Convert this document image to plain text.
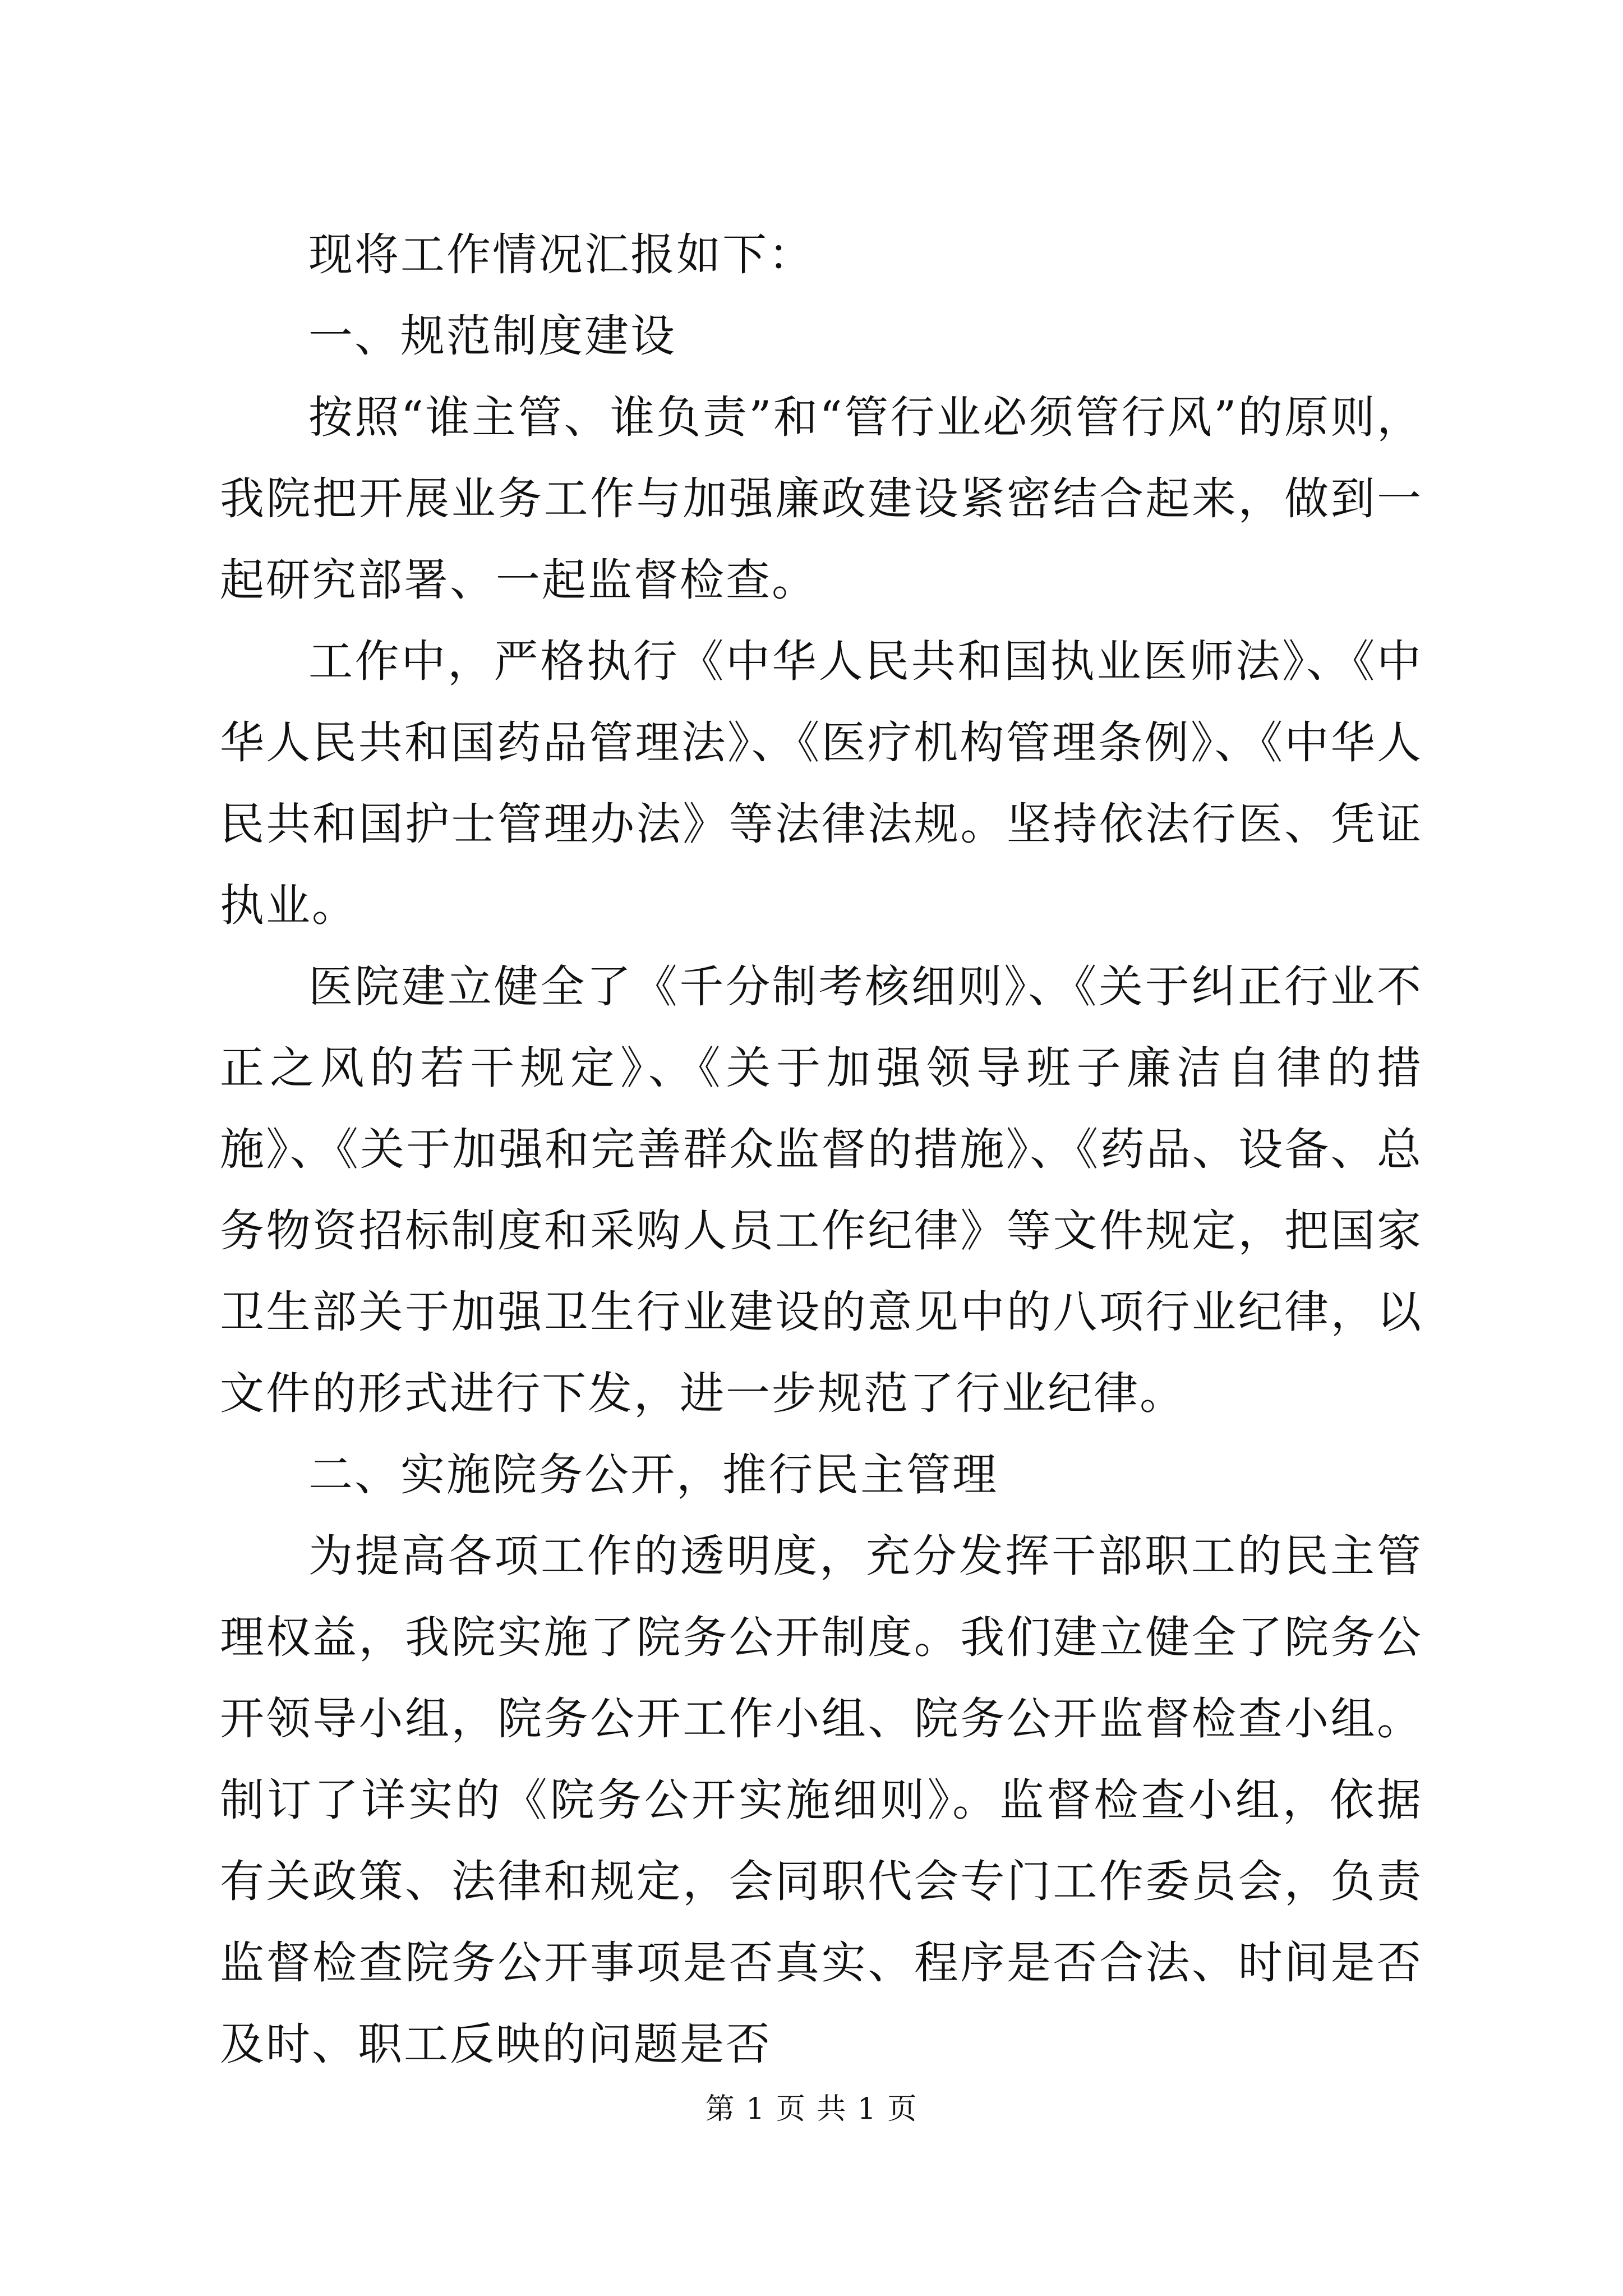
现将工作情况汇报如下：

一、规范制度建设

按照“谁主管、谁负责”和“管行业必须管行风”的原则，我院把开展业务工作与加强廉政建设紧密结合起来，做到一起研究部署、一起监督检查。

工作中，严格执行《中华人民共和国执业医师法》、《中华人民共和国药品管理法》、《医疗机构管理条例》、《中华人民共和国护士管理办法》等法律法规。坚持依法行医、凭证执业。

医院建立健全了《千分制考核细则》、《关于纠正行业不正之风的若干规定》、《关于加强领导班子廉洁自律的措施》、《关于加强和完善群众监督的措施》、《药品、设备、总务物资招标制度和采购人员工作纪律》等文件规定，把国家卫生部关于加强卫生行业建设的意见中的八项行业纪律，以文件的形式进行下发，进一步规范了行业纪律。

二、实施院务公开，推行民主管理

为提高各项工作的透明度，充分发挥干部职工的民主管理权益，我院实施了院务公开制度。我们建立健全了院务公开领导小组，院务公开工作小组、院务公开监督检查小组。制订了详实的《院务公开实施细则》。监督检查小组，依据有关政策、法律和规定，会同职代会专门工作委员会，负责监督检查院务公开事项是否真实、程序是否合法、时间是否及时、职工反映的问题是否

第 1 页 共 1 页
